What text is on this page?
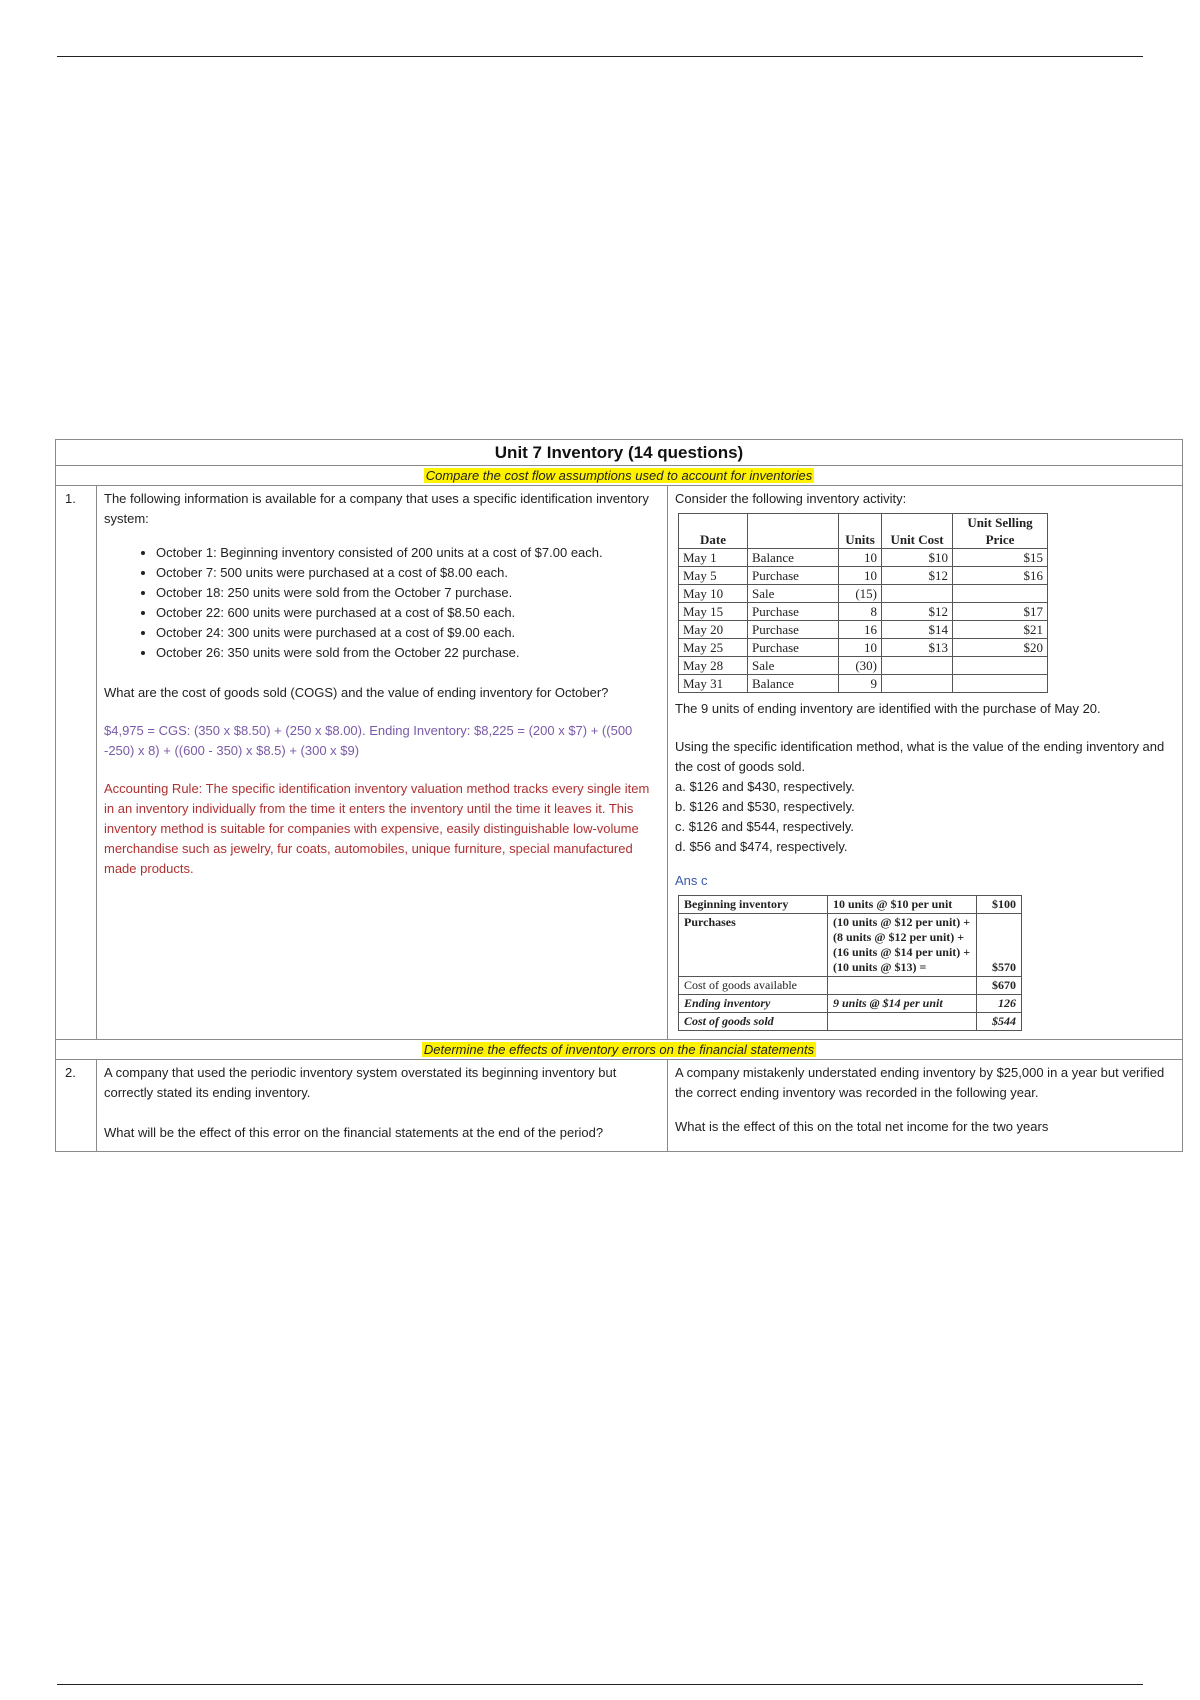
Unit 7 Inventory (14 questions)
Compare the cost flow assumptions used to account for inventories
1.	The following information is available for a company that uses a specific identification inventory system:

• October 1: Beginning inventory consisted of 200 units at a cost of $7.00 each.
• October 7: 500 units were purchased at a cost of $8.00 each.
• October 18: 250 units were sold from the October 7 purchase.
• October 22: 600 units were purchased at a cost of $8.50 each.
• October 24: 300 units were purchased at a cost of $9.00 each.
• October 26: 350 units were sold from the October 22 purchase.

What are the cost of goods sold (COGS) and the value of ending inventory for October?

$4,975 = CGS: (350 x $8.50) + (250 x $8.00). Ending Inventory: $8,225 = (200 x $7) + ((500 -250) x 8) + ((600 - 350) x $8.5) + (300 x $9)

Accounting Rule: The specific identification inventory valuation method tracks every single item in an inventory individually from the time it enters the inventory until the time it leaves it. This inventory method is suitable for companies with expensive, easily distinguishable low-volume merchandise such as jewelry, fur coats, automobiles, unique furniture, special manufactured made products.

Consider the following inventory activity:

Date		Units	Unit Cost	Unit Selling Price
May 1	Balance	10	$10	$15
May 5	Purchase	10	$12	$16
May 10	Sale	(15)		
May 15	Purchase	8	$12	$17
May 20	Purchase	16	$14	$21
May 25	Purchase	10	$13	$20
May 28	Sale	(30)		
May 31	Balance	9		

The 9 units of ending inventory are identified with the purchase of May 20.

Using the specific identification method, what is the value of the ending inventory and the cost of goods sold.

a. $126 and $430, respectively.

b. $126 and $530, respectively.

c. $126 and $544, respectively.

d. $56 and $474, respectively.

Ans c

Beginning inventory	10 units @ $10 per unit	$100
Purchases	(10 units @ $12 per unit) + (8 units @ $12 per unit) + (16 units @ $14 per unit) + (10 units @ $13) =	$570
Cost of goods available		$670
Ending inventory	9 units @ $14 per unit	126
Cost of goods sold		$544
Determine the effects of inventory errors on the financial statements
2.	A company that used the periodic inventory system overstated its beginning inventory but correctly stated its ending inventory.

What will be the effect of this error on the financial statements at the end of the period?

A company mistakenly understated ending inventory by $25,000 in a year but verified the correct ending inventory was recorded in the following year.

What is the effect of this on the total net income for the two years
